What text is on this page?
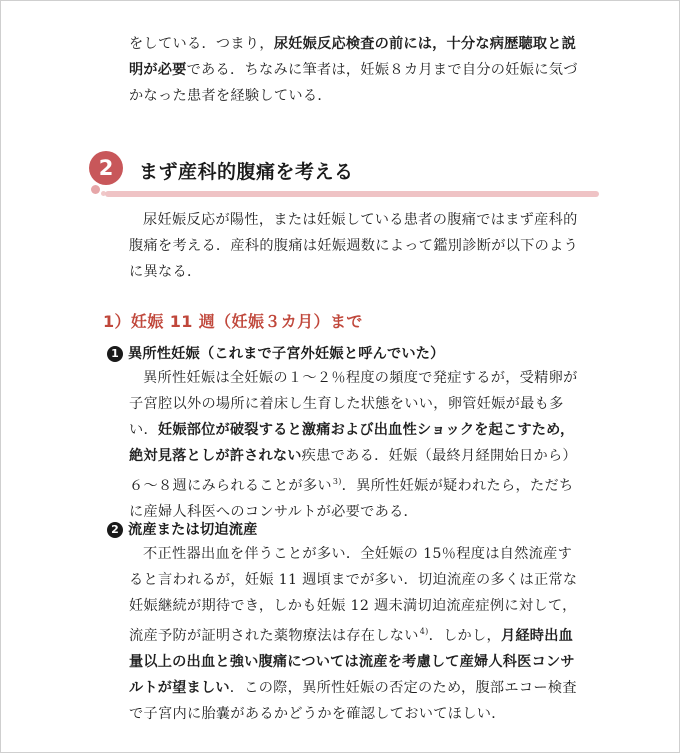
をしている．つまり，尿妊娠反応検査の前には，十分な病歴聴取と説明が必要である．ちなみに筆者は，妊娠８カ月まで自分の妊娠に気づかなった患者を経験している．

2	まず産科的腹痛を考える

尿妊娠反応が陽性，または妊娠している患者の腹痛ではまず産科的腹痛を考える．産科的腹痛は妊娠週数によって鑑別診断が以下のように異なる．

1）妊娠 11 週（妊娠３カ月）まで
1 異所性妊娠（これまで子宮外妊娠と呼んでいた）

異所性妊娠は全妊娠の１〜２％程度の頻度で発症するが，受精卵が子宮腔以外の場所に着床し生育した状態をいい，卵管妊娠が最も多い．妊娠部位が破裂すると激痛および出血性ショックを起こすため，絶対見落としが許されない疾患である．妊娠（最終月経開始日から）６〜８週にみられることが多い$^{3)}$．異所性妊娠が疑われたら，ただちに産婦人科医へのコンサルトが必要である．

2 流産または切迫流産

不正性器出血を伴うことが多い．全妊娠の 15％程度は自然流産すると言われるが，妊娠 11 週頃までが多い．切迫流産の多くは正常な妊娠継続が期待でき，しかも妊娠 12 週未満切迫流産症例に対して，流産予防が証明された薬物療法は存在しない$^{4)}$．しかし，月経時出血量以上の出血と強い腹痛については流産を考慮して産婦人科医コンサルトが望ましい．この際，異所性妊娠の否定のため，腹部エコー検査で子宮内に胎嚢があるかどうかを確認しておいてほしい．
